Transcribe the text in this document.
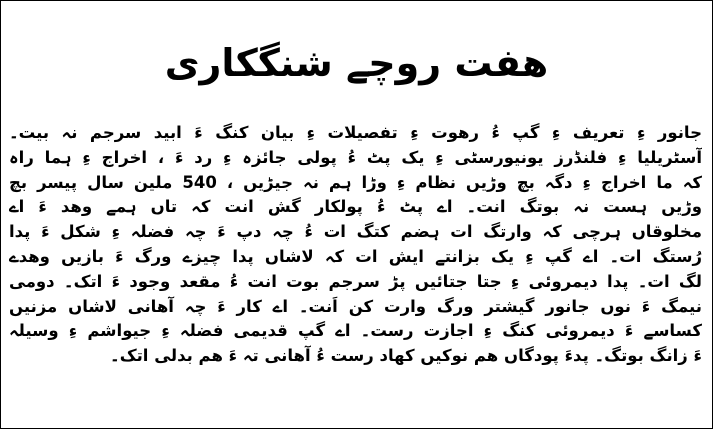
هفت روچے شنگکاری
جانور ءِ تعریف ءِ گپ ءُ رھوت ءِ تفصیلات ءِ بیان کنگ ءَ ابید سرجم نہ بیت۔
آسٹریلیا ءِ فلنڈرز یونیورسٹی ءِ یک پٹ ءُ پولی جائزہ ءِ رد ءَ ، اخراج ءِ ہما راہ
کہ ما اخراج ءِ دگہ بچ وڑیں نظام ءِ وڑا ہم نہ جیڑیں ، 540 ملین سال پیسر بچ
وڑیں ہست نہ بوتگ انت۔ اے پٹ ءُ پولکار گش انت کہ تاں ہمے وھد ءَ اے
مخلوقاں ہرچی کہ وارتگ ات ہضم کتگ ات ءُ چہ دپ ءَ چہ فضلہ ءِ شکل ءَ پدا
رُستگ ات۔ اے گپ ءِ یک بزانتے ایش ات کہ لاشاں پدا چیزے ورگ ءَ بازیں وھدے
لگ ات۔ پدا دیمروئی ءِ جتا جتائیں پڑ سرجم بوت انت ءُ مقعد وجود ءَ اتک۔ دومی
نیمگ ءَ نوں جانور گیشتر ورگ وارت کن اَنت۔ اے کار ءَ چہ آھانی لاشاں مزنیں
کساسے ءَ دیمروئی کنگ ءِ اجازت رست۔ اے گپ قدیمی فضلہ ءِ جیواشم ءِ وسیلہ
ءَ زانگ بوتگ۔ پدءَ پودگاں ھم نوکیں کھاد رست ءُ آھانی تہ ءَ ھم بدلی اتک۔
